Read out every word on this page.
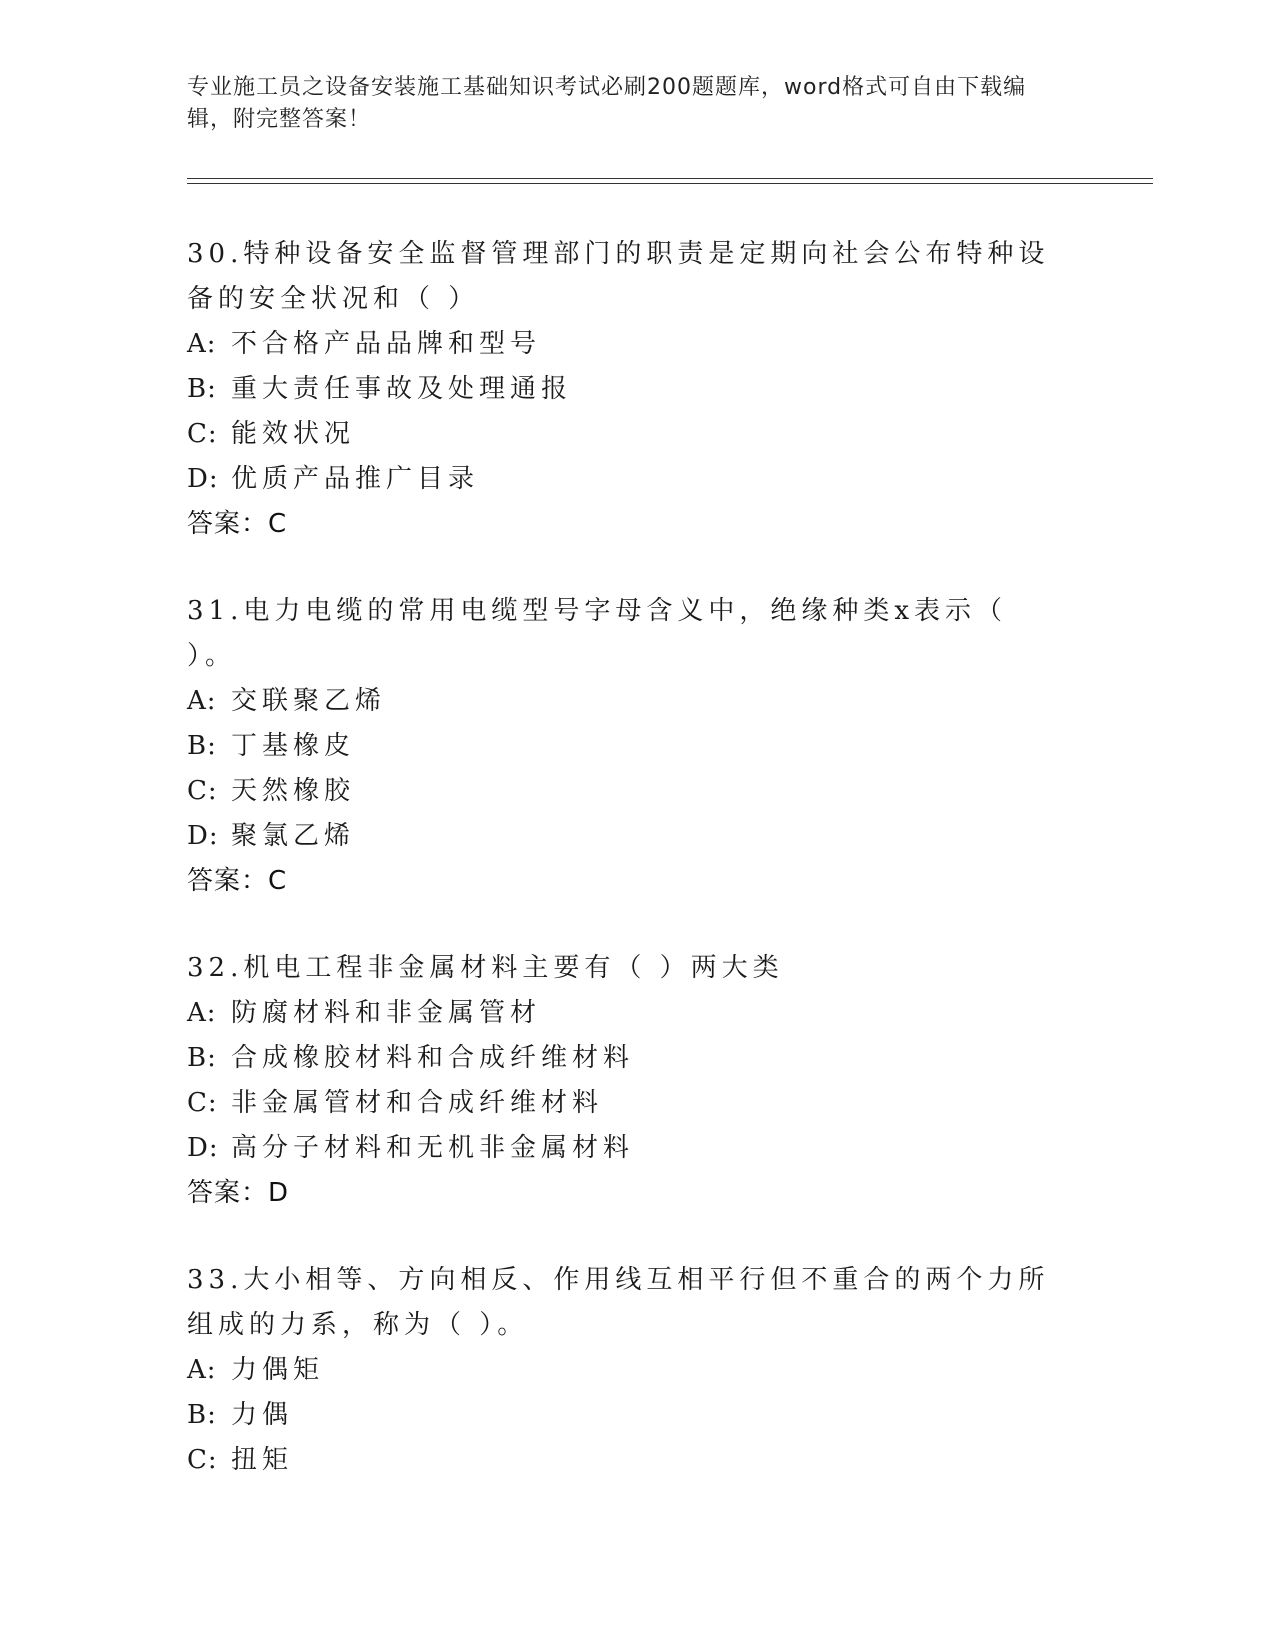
专业施工员之设备安装施工基础知识考试必刷200题题库，word格式可自由下载编辑，附完整答案！

30.特种设备安全监督管理部门的职责是定期向社会公布特种设备的安全状况和（ ）

A: 不合格产品品牌和型号
B: 重大责任事故及处理通报
C: 能效状况
D: 优质产品推广目录
答案：C

31.电力电缆的常用电缆型号字母含义中，绝缘种类x表示（ ）。

A: 交联聚乙烯
B: 丁基橡皮
C: 天然橡胶
D: 聚氯乙烯
答案：C

32.机电工程非金属材料主要有（ ）两大类

A: 防腐材料和非金属管材
B: 合成橡胶材料和合成纤维材料
C: 非金属管材和合成纤维材料
D: 高分子材料和无机非金属材料
答案：D

33.大小相等、方向相反、作用线互相平行但不重合的两个力所组成的力系，称为（ ）。

A: 力偶矩
B: 力偶
C: 扭矩
